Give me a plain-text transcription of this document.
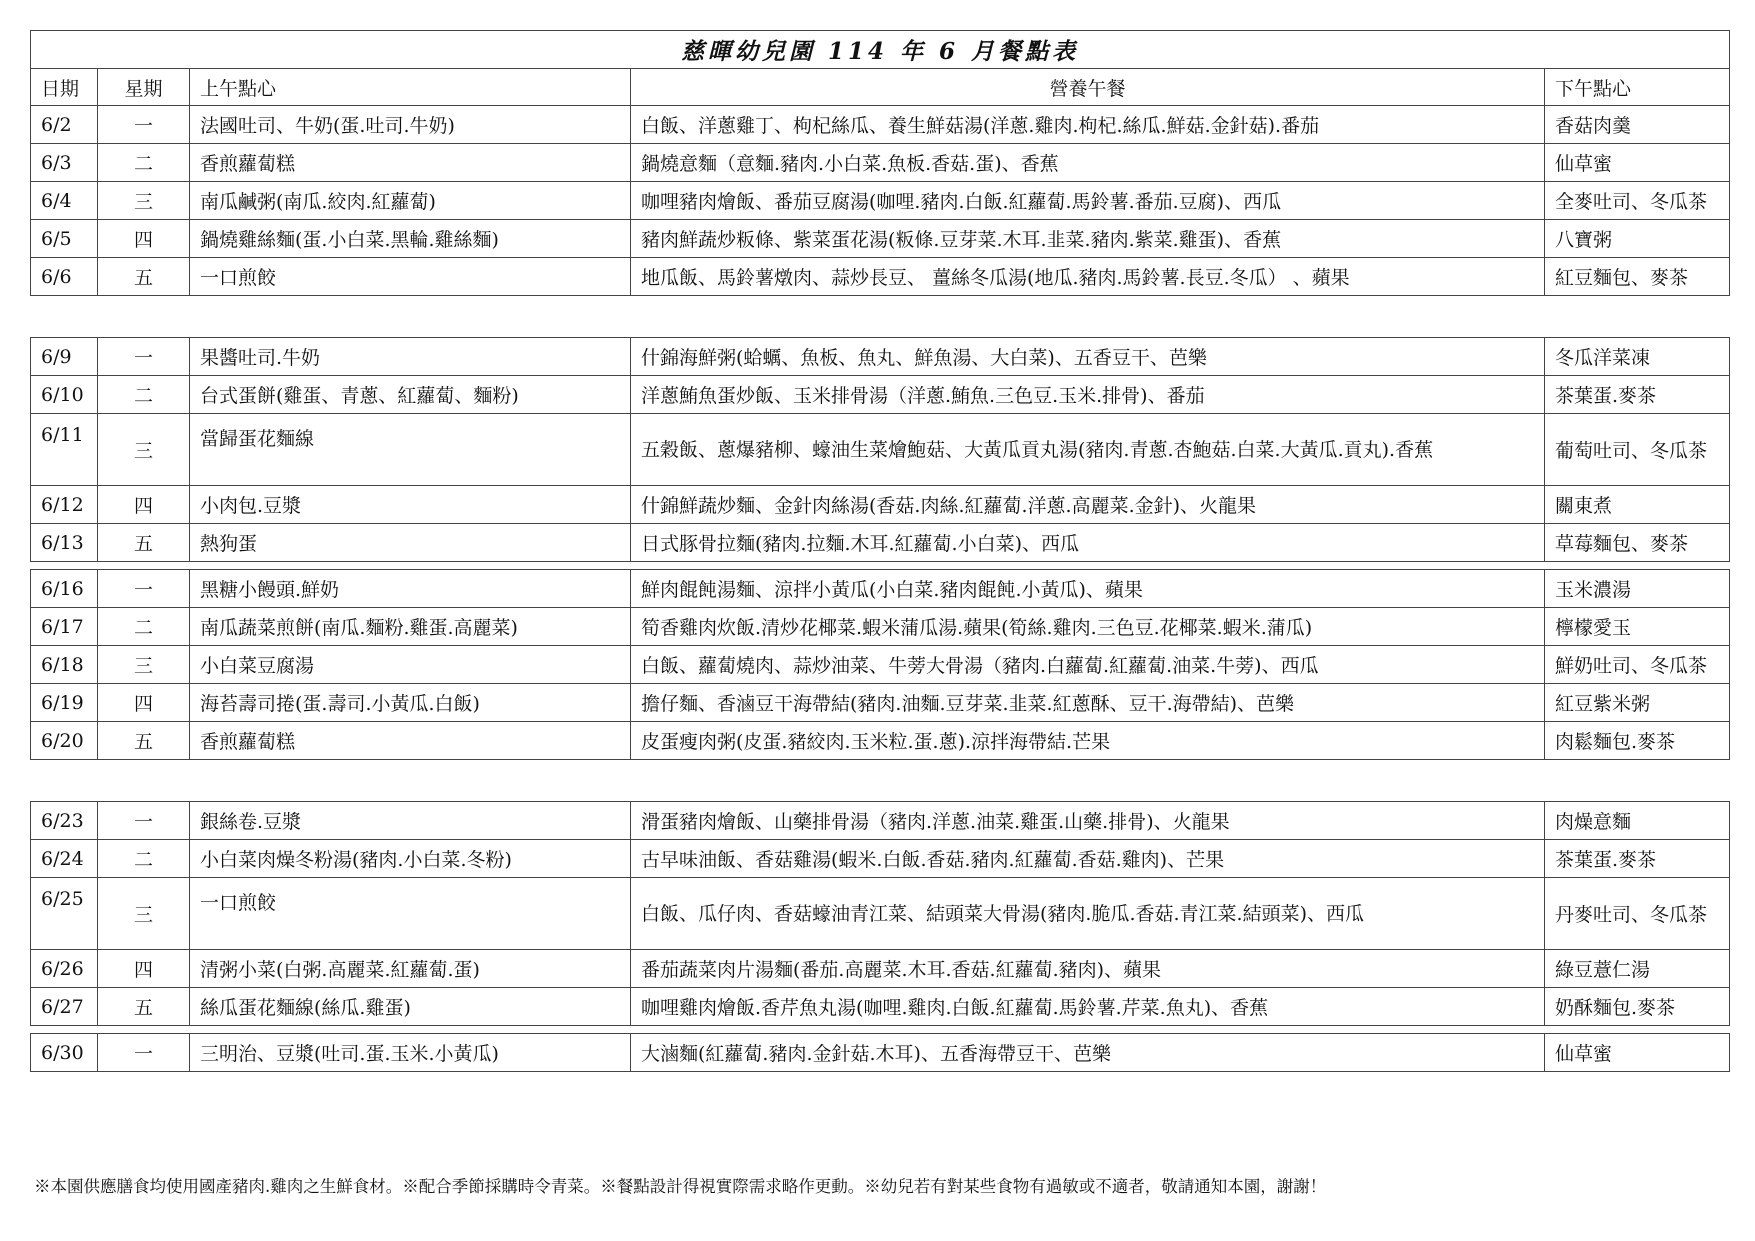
慈暉幼兒園 114 年 6 月餐點表
日期	星期	上午點心	營養午餐	下午點心
6/2	一	法國吐司、牛奶(蛋.吐司.牛奶)	白飯、洋蔥雞丁、枸杞絲瓜、養生鮮菇湯(洋蔥.雞肉.枸杞.絲瓜.鮮菇.金針菇).番茄	香菇肉羹
6/3	二	香煎蘿蔔糕	鍋燒意麵（意麵.豬肉.小白菜.魚板.香菇.蛋)、香蕉	仙草蜜
6/4	三	南瓜鹹粥(南瓜.絞肉.紅蘿蔔)	咖哩豬肉燴飯、番茄豆腐湯(咖哩.豬肉.白飯.紅蘿蔔.馬鈴薯.番茄.豆腐)、西瓜	全麥吐司、冬瓜茶
6/5	四	鍋燒雞絲麵(蛋.小白菜.黑輪.雞絲麵)	豬肉鮮蔬炒粄條、紫菜蛋花湯(粄條.豆芽菜.木耳.韭菜.豬肉.紫菜.雞蛋)、香蕉	八寶粥
6/6	五	一口煎餃	地瓜飯、馬鈴薯燉肉、蒜炒長豆、 薑絲冬瓜湯(地瓜.豬肉.馬鈴薯.長豆.冬瓜） 、蘋果	紅豆麵包、麥茶
6/9	一	果醬吐司.牛奶	什錦海鮮粥(蛤蠣、魚板、魚丸、鮮魚湯、大白菜)、五香豆干、芭樂	冬瓜洋菜凍
6/10	二	台式蛋餅(雞蛋、青蔥、紅蘿蔔、麵粉)	洋蔥鮪魚蛋炒飯、玉米排骨湯（洋蔥.鮪魚.三色豆.玉米.排骨)、番茄	茶葉蛋.麥茶
6/11	三	當歸蛋花麵線	五穀飯、蔥爆豬柳、蠔油生菜燴鮑菇、大黃瓜貢丸湯(豬肉.青蔥.杏鮑菇.白菜.大黃瓜.貢丸).香蕉	葡萄吐司、冬瓜茶
6/12	四	小肉包.豆漿	什錦鮮蔬炒麵、金針肉絲湯(香菇.肉絲.紅蘿蔔.洋蔥.高麗菜.金針)、火龍果	關東煮
6/13	五	熱狗蛋	日式豚骨拉麵(豬肉.拉麵.木耳.紅蘿蔔.小白菜)、西瓜	草莓麵包、麥茶
6/16	一	黑糖小饅頭.鮮奶	鮮肉餛飩湯麵、涼拌小黃瓜(小白菜.豬肉餛飩.小黃瓜)、蘋果	玉米濃湯
6/17	二	南瓜蔬菜煎餅(南瓜.麵粉.雞蛋.高麗菜)	筍香雞肉炊飯.清炒花椰菜.蝦米蒲瓜湯.蘋果(筍絲.雞肉.三色豆.花椰菜.蝦米.蒲瓜)	檸檬愛玉
6/18	三	小白菜豆腐湯	白飯、蘿蔔燒肉、蒜炒油菜、牛蒡大骨湯（豬肉.白蘿蔔.紅蘿蔔.油菜.牛蒡)、西瓜	鮮奶吐司、冬瓜茶
6/19	四	海苔壽司捲(蛋.壽司.小黃瓜.白飯)	擔仔麵、香滷豆干海帶結(豬肉.油麵.豆芽菜.韭菜.紅蔥酥、豆干.海帶結)、芭樂	紅豆紫米粥
6/20	五	香煎蘿蔔糕	皮蛋瘦肉粥(皮蛋.豬絞肉.玉米粒.蛋.蔥).涼拌海帶結.芒果	肉鬆麵包.麥茶
6/23	一	銀絲卷.豆漿	滑蛋豬肉燴飯、山藥排骨湯（豬肉.洋蔥.油菜.雞蛋.山藥.排骨)、火龍果	肉燥意麵
6/24	二	小白菜肉燥冬粉湯(豬肉.小白菜.冬粉)	古早味油飯、香菇雞湯(蝦米.白飯.香菇.豬肉.紅蘿蔔.香菇.雞肉)、芒果	茶葉蛋.麥茶
6/25	三	一口煎餃	白飯、瓜仔肉、香菇蠔油青江菜、結頭菜大骨湯(豬肉.脆瓜.香菇.青江菜.結頭菜)、西瓜	丹麥吐司、冬瓜茶
6/26	四	清粥小菜(白粥.高麗菜.紅蘿蔔.蛋)	番茄蔬菜肉片湯麵(番茄.高麗菜.木耳.香菇.紅蘿蔔.豬肉)、蘋果	綠豆薏仁湯
6/27	五	絲瓜蛋花麵線(絲瓜.雞蛋)	咖哩雞肉燴飯.香芹魚丸湯(咖哩.雞肉.白飯.紅蘿蔔.馬鈴薯.芹菜.魚丸)、香蕉	奶酥麵包.麥茶
6/30	一	三明治、豆漿(吐司.蛋.玉米.小黃瓜)	大滷麵(紅蘿蔔.豬肉.金針菇.木耳)、五香海帶豆干、芭樂	仙草蜜
※本園供應膳食均使用國產豬肉.雞肉之生鮮食材。※配合季節採購時令青菜。※餐點設計得視實際需求略作更動。※幼兒若有對某些食物有過敏或不適者，敬請通知本園，謝謝！
